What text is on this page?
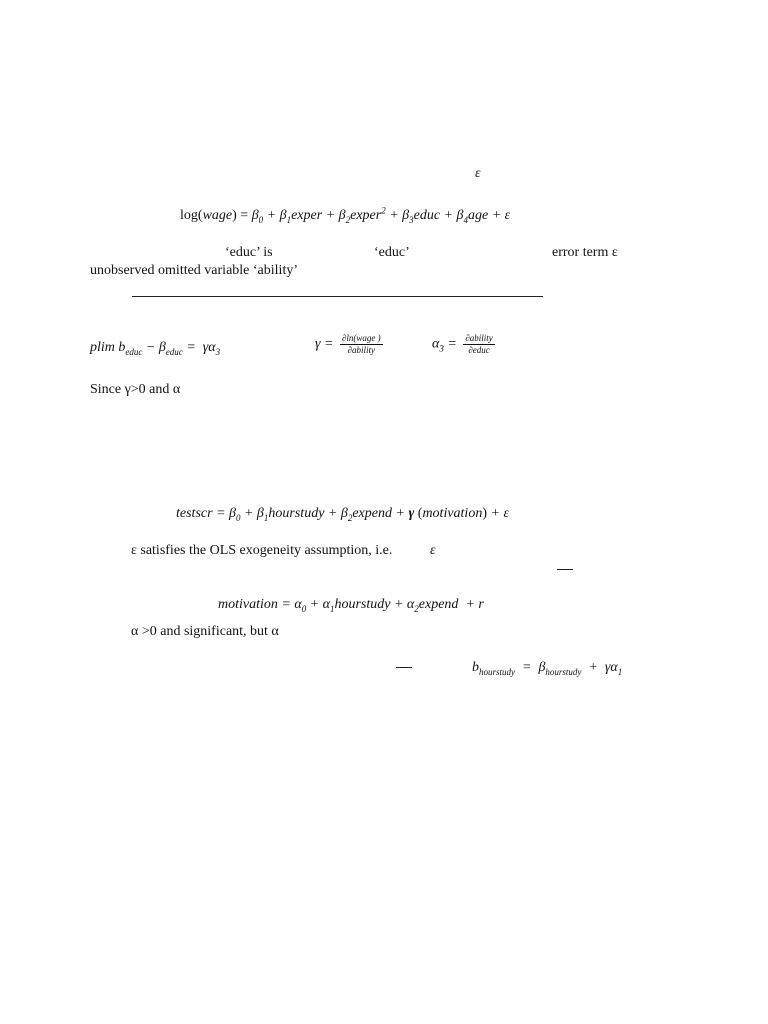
ε
log(wage) = $\beta_0$ + $\beta_1exper$ + $\beta_2exper^2$ + $\beta_3educ + \beta_4age + \varepsilon$
‘educ’ is	‘educ’	error term ε
unobserved omitted variable ‘ability’
plim $b_{educ} - \beta_{educ} = \gamma\alpha_3$
$\gamma = \frac{\text{∂ln(wage )}}{\text{∂ability}}$	$\alpha_3 = \frac{\text{∂ability}}{\text{∂educ}}$
Since γ>0 and α
testscr = $\beta_0$ + $\beta_1hourstudy$ + $\beta_2expend + \gamma$ (motivation) + ε
ε satisfies the OLS exogeneity assumption, i.e.	ε
motivation = $\alpha_0$ + $\alpha_1hourstudy$ + $\alpha_2expend + r$
α >0 and significant, but α
$b_{hourstudy} = \beta_{hourstudy} + \gamma\alpha_1$
